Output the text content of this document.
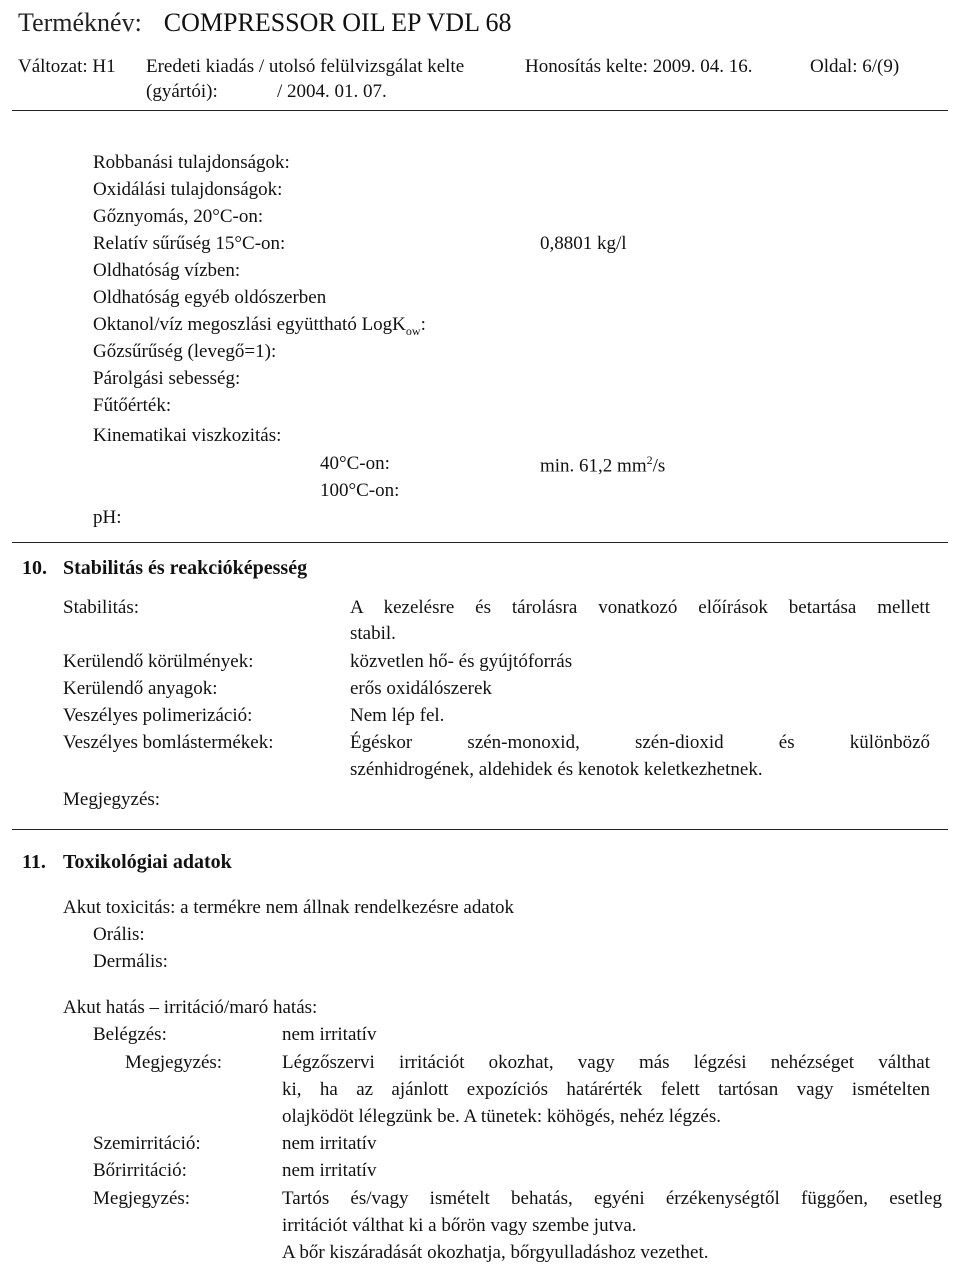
Terméknév: COMPRESSOR OIL EP VDL 68
Változat: H1 Eredeti kiadás / utolsó felülvizsgálat kelte
(gyártói):	/ 2004. 01. 07.
Honosítás kelte: 2009. 04. 16.	Oldal: 6/(9)
Robbanási tulajdonságok:
Oxidálási tulajdonságok:
Gőznyomás, 20°C-on:
Relatív sűrűség 15°C-on:	0,8801 kg/l
Oldhatóság vízben:
Oldhatóság egyéb oldószerben
Oktanol/víz megoszlási együttható LogK$_{ow}$:
Gőzsűrűség (levegő=1):
Párolgási sebesség:
Fűtőérték:
Kinematikai viszkozitás:
40°C-on:	min. 61,2 $mm^2/s$
100°C-on:
pH:
10. Stabilitás és reakcióképesség
Stabilitás:	A kezelésre és tárolásra vonatkozó előírások betartása mellett
stabil.
Kerülendő körülmények:	közvetlen hő- és gyújtóforrás
Kerülendő anyagok:	erős oxidálószerek
Veszélyes polimerizáció:	Nem lép fel.
Veszélyes bomlástermékek:	Égéskor szén-monoxid, szén-dioxid és különböző
szénhidrogének, aldehidek és kenotok keletkezhetnek.
Megjegyzés:
11. Toxikológiai adatok
Akut toxicitás: a termékre nem állnak rendelkezésre adatok
Orális:
Dermális:
Akut hatás – irritáció/maró hatás:
Belégzés:	nem irritatív
Megjegyzés:	Légzőszervi irritációt okozhat, vagy más légzési nehézséget válthat
ki, ha az ajánlott expozíciós határérték felett tartósan vagy ismételten
olajködöt lélegzünk be. A tünetek: köhögés, nehéz légzés.
Szemirritáció:	nem irritatív
Bőrirritáció:	nem irritatív
Megjegyzés:	Tartós és/vagy ismételt behatás, egyéni érzékenységtől függően, esetleg
irritációt válthat ki a bőrön vagy szembe jutva.
A bőr kiszáradását okozhatja, bőrgyulladáshoz vezethet.
